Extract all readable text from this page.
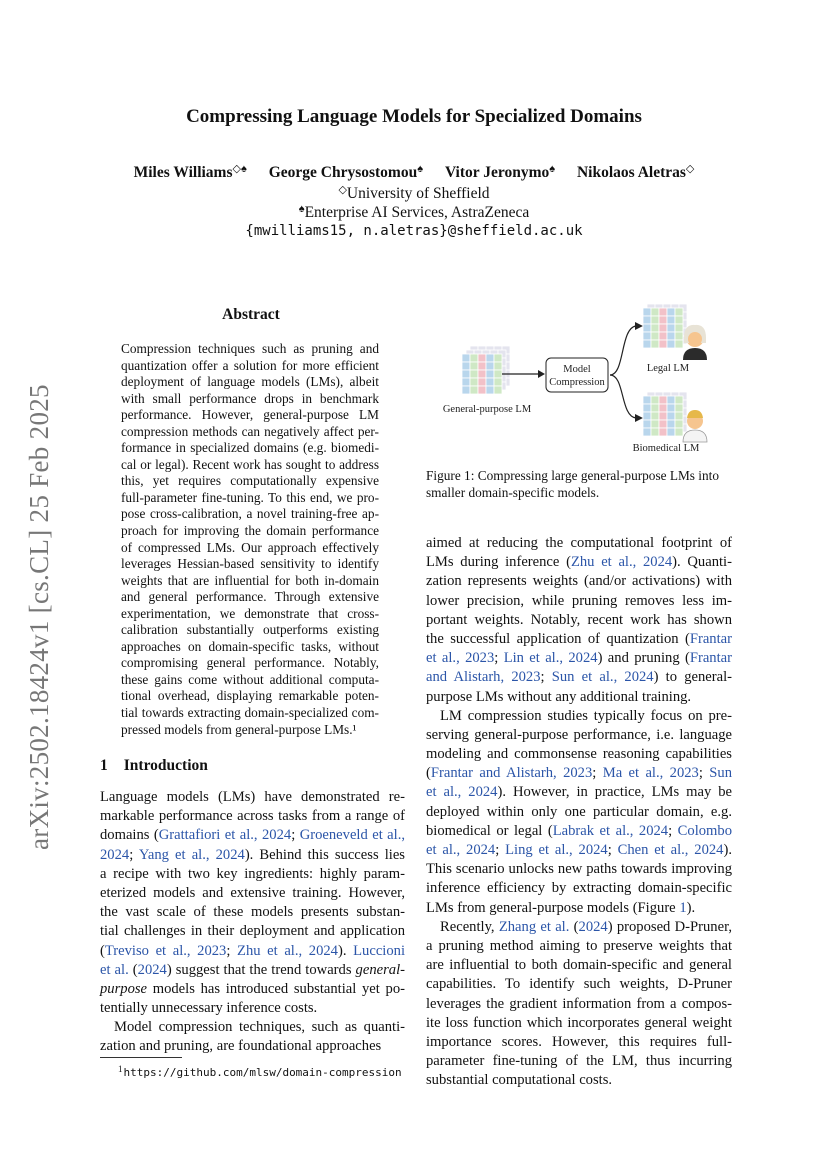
Compressing Language Models for Specialized Domains
Miles Williams◇♠ George Chrysostomou♠ Vitor Jeronymo♠ Nikolaos Aletras◇
◇University of Sheffield
♠Enterprise AI Services, AstraZeneca
{mwilliams15, n.aletras}@sheffield.ac.uk
arXiv:2502.18424v1 [cs.CL] 25 Feb 2025
Abstract
Compression techniques such as pruning and
quantization offer a solution for more efficient
deployment of language models (LMs), albeit
with small performance drops in benchmark
performance. However, general-purpose LM
compression methods can negatively affect per-
formance in specialized domains (e.g. biomedi-
cal or legal). Recent work has sought to address
this, yet requires computationally expensive
full-parameter fine-tuning. To this end, we pro-
pose cross-calibration, a novel training-free ap-
proach for improving the domain performance
of compressed LMs. Our approach effectively
leverages Hessian-based sensitivity to identify
weights that are influential for both in-domain
and general performance. Through extensive
experimentation, we demonstrate that cross-
calibration substantially outperforms existing
approaches on domain-specific tasks, without
compromising general performance. Notably,
these gains come without additional computa-
tional overhead, displaying remarkable poten-
tial towards extracting domain-specialized com-
pressed models from general-purpose LMs.¹
1 Introduction
Language models (LMs) have demonstrated re-
markable performance across tasks from a range of
domains (Grattafiori et al., 2024; Groeneveld et al.,
2024; Yang et al., 2024). Behind this success lies
a recipe with two key ingredients: highly param-
eterized models and extensive training. However,
the vast scale of these models presents substan-
tial challenges in their deployment and application
(Treviso et al., 2023; Zhu et al., 2024). Luccioni
et al. (2024) suggest that the trend towards general-
purpose models has introduced substantial yet po-
tentially unnecessary inference costs.
Model compression techniques, such as quanti-
zation and pruning, are foundational approaches
aimed at reducing the computational footprint of
LMs during inference (Zhu et al., 2024). Quanti-
zation represents weights (and/or activations) with
lower precision, while pruning removes less im-
portant weights. Notably, recent work has shown
the successful application of quantization (Frantar
et al., 2023; Lin et al., 2024) and pruning (Frantar
and Alistarh, 2023; Sun et al., 2024) to general-
purpose LMs without any additional training.
LM compression studies typically focus on pre-
serving general-purpose performance, i.e. language
modeling and commonsense reasoning capabilities
(Frantar and Alistarh, 2023; Ma et al., 2023; Sun
et al., 2024). However, in practice, LMs may be
deployed within only one particular domain, e.g.
biomedical or legal (Labrak et al., 2024; Colombo
et al., 2024; Ling et al., 2024; Chen et al., 2024).
This scenario unlocks new paths towards improving
inference efficiency by extracting domain-specific
LMs from general-purpose models (Figure 1).
Recently, Zhang et al. (2024) proposed D-Pruner,
a pruning method aiming to preserve weights that
are influential to both domain-specific and general
capabilities. To identify such weights, D-Pruner
leverages the gradient information from a compos-
ite loss function which incorporates general weight
importance scores. However, this requires full-
parameter fine-tuning of the LM, thus incurring
substantial computational costs.
Model
Compression
General-purpose LM
Legal LM
Biomedical LM
Figure 1: Compressing large general-purpose LMs into smaller domain-specific models.
$^1$https://github.com/mlsw/domain-compression
